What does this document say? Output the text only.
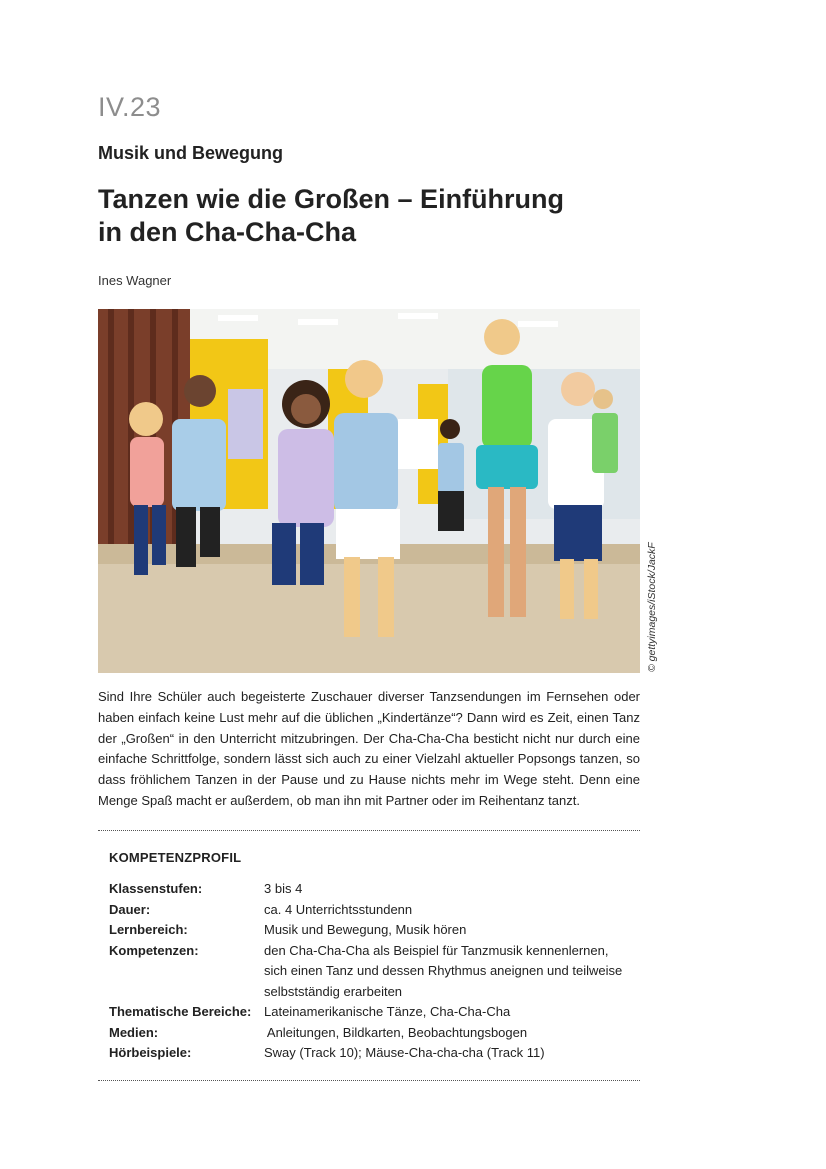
IV.23
Musik und Bewegung
Tanzen wie die Großen – Einführung
in den Cha-Cha-Cha
Ines Wagner
© gettyimages/iStock/JackF
Sind Ihre Schüler auch begeisterte Zuschauer diverser Tanzsendungen im Fernsehen oder haben einfach keine Lust mehr auf die üblichen „Kindertänze“? Dann wird es Zeit, einen Tanz der „Großen“ in den Unterricht mitzubringen. Der Cha-Cha-Cha besticht nicht nur durch eine einfache Schrittfolge, sondern lässt sich auch zu einer Vielzahl aktueller Popsongs tanzen, so dass fröhlichem Tanzen in der Pause und zu Hause nichts mehr im Wege steht. Denn eine Menge Spaß macht er außerdem, ob man ihn mit Partner oder im Reihentanz tanzt.
KOMPETENZPROFIL
Klassenstufen:	3 bis 4
Dauer:	ca. 4 Unterrichtsstundenn
Lernbereich:	Musik und Bewegung, Musik hören
Kompetenzen:	den Cha-Cha-Cha als Beispiel für Tanzmusik kennenlernen, sich einen Tanz und dessen Rhythmus aneignen und teilweise selbstständig erarbeiten
Thematische Bereiche: Lateinamerikanische Tänze, Cha-Cha-Cha
Medien:	Anleitungen, Bildkarten, Beobachtungsbogen
Hörbeispiele:	Sway (Track 10); Mäuse-Cha-cha-cha (Track 11)
